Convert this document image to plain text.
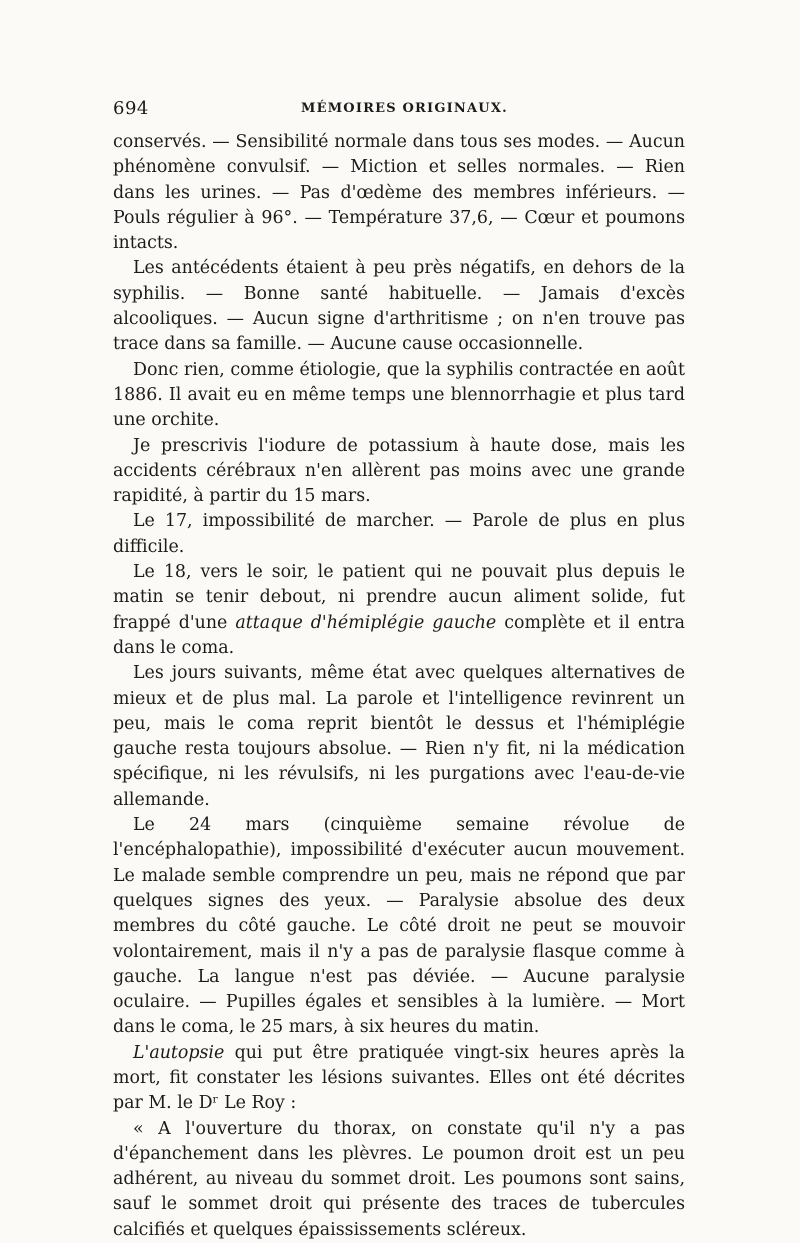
694	MÉMOIRES ORIGINAUX.

conservés. — Sensibilité normale dans tous ses modes. — Aucun phénomène convulsif. — Miction et selles normales. — Rien dans les urines. — Pas d'œdème des membres inférieurs. — Pouls régulier à 96°. — Température 37,6, — Cœur et poumons intacts.

Les antécédents étaient à peu près négatifs, en dehors de la syphilis. — Bonne santé habituelle. — Jamais d'excès alcooliques. — Aucun signe d'arthritisme ; on n'en trouve pas trace dans sa famille. — Aucune cause occasionnelle.

Donc rien, comme étiologie, que la syphilis contractée en août 1886. Il avait eu en même temps une blennorrhagie et plus tard une orchite.

Je prescrivis l'iodure de potassium à haute dose, mais les accidents cérébraux n'en allèrent pas moins avec une grande rapidité, à partir du 15 mars.

Le 17, impossibilité de marcher. — Parole de plus en plus difficile.

Le 18, vers le soir, le patient qui ne pouvait plus depuis le matin se tenir debout, ni prendre aucun aliment solide, fut frappé d'une attaque d'hémiplégie gauche complète et il entra dans le coma.

Les jours suivants, même état avec quelques alternatives de mieux et de plus mal. La parole et l'intelligence revinrent un peu, mais le coma reprit bientôt le dessus et l'hémiplégie gauche resta toujours absolue. — Rien n'y fit, ni la médication spécifique, ni les révulsifs, ni les purgations avec l'eau-de-vie allemande.

Le 24 mars (cinquième semaine révolue de l'encéphalopathie), impossibilité d'exécuter aucun mouvement. Le malade semble comprendre un peu, mais ne répond que par quelques signes des yeux. — Paralysie absolue des deux membres du côté gauche. Le côté droit ne peut se mouvoir volontairement, mais il n'y a pas de paralysie flasque comme à gauche. La langue n'est pas déviée. — Aucune paralysie oculaire. — Pupilles égales et sensibles à la lumière. — Mort dans le coma, le 25 mars, à six heures du matin.

L'autopsie qui put être pratiquée vingt-six heures après la mort, fit constater les lésions suivantes. Elles ont été décrites par M. le Dʳ Le Roy :

« A l'ouverture du thorax, on constate qu'il n'y a pas d'épanchement dans les plèvres. Le poumon droit est un peu adhérent, au niveau du sommet droit. Les poumons sont sains, sauf le sommet droit qui présente des traces de tubercules calcifiés et quelques épaississements scléreux.
